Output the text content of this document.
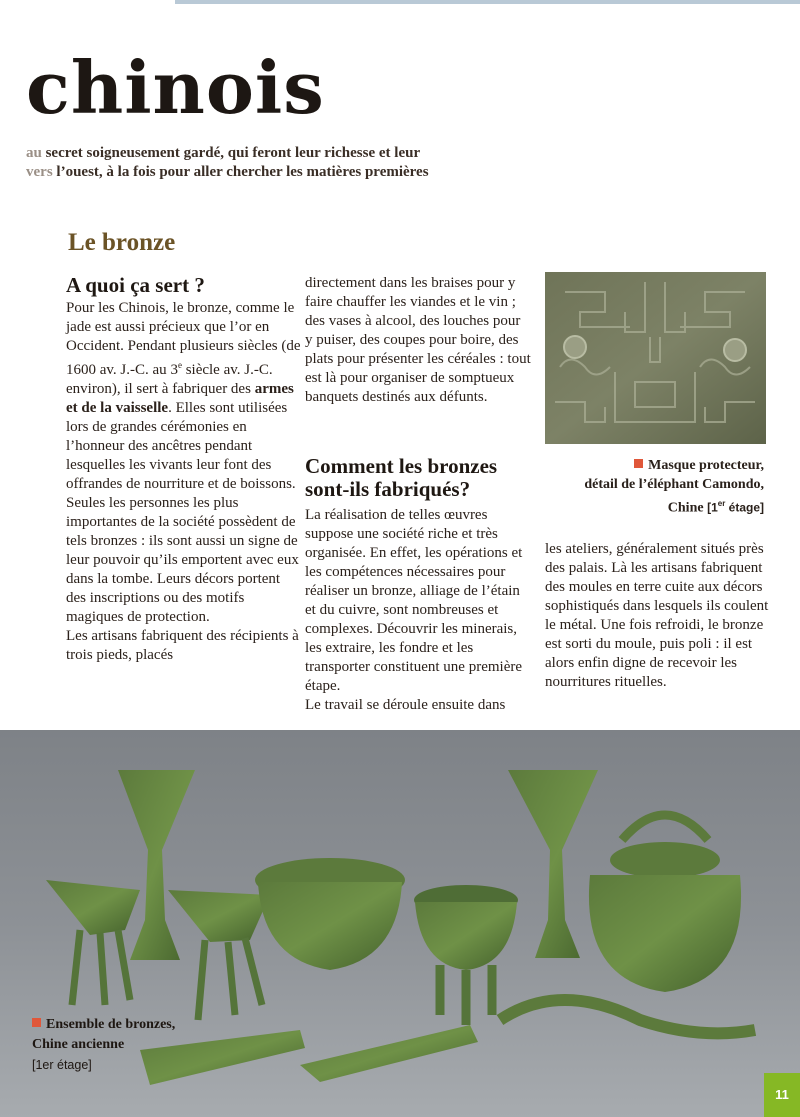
chinois
au secret soigneusement gardé, qui feront leur richesse et leur
vers l’ouest, à la fois pour aller chercher les matières premières
Le bronze
A quoi ça sert ?

Pour les Chinois, le bronze, comme le jade est aussi précieux que l’or en Occident. Pendant plusieurs siècles (de 1600 av. J.-C. au 3e siècle av. J.-C. environ), il sert à fabriquer des armes et de la vaisselle. Elles sont utilisées lors de grandes cérémonies en l’honneur des ancêtres pendant lesquelles les vivants leur font des offrandes de nourriture et de boissons.

Seules les personnes les plus importantes de la société possèdent de tels bronzes : ils sont aussi un signe de leur pouvoir qu’ils emportent avec eux dans la tombe. Leurs décors portent des inscriptions ou des motifs magiques de protection.

Les artisans fabriquent des récipients à trois pieds, placés

directement dans les braises pour y faire chauffer les viandes et le vin ; des vases à alcool, des louches pour y puiser, des coupes pour boire, des plats pour présenter les céréales : tout est là pour organiser de somptueux banquets destinés aux défunts.

Comment les bronzes sont-ils fabriqués?

La réalisation de telles œuvres suppose une société riche et très organisée. En effet, les opérations et les compétences nécessaires pour réaliser un bronze, alliage de l’étain et du cuivre, sont nombreuses et complexes. Découvrir les minerais, les extraire, les fondre et les transporter constituent une première étape.

Le travail se déroule ensuite dans

Masque protecteur,
détail de l’éléphant Camondo,
Chine [1er étage]

les ateliers, généralement situés près des palais. Là les artisans fabriquent des moules en terre cuite aux décors sophistiqués dans lesquels ils coulent le métal. Une fois refroidi, le bronze est sorti du moule, puis poli : il est alors enfin digne de recevoir les nourritures rituelles.

Ensemble de bronzes,
Chine ancienne
[1er étage]
11
